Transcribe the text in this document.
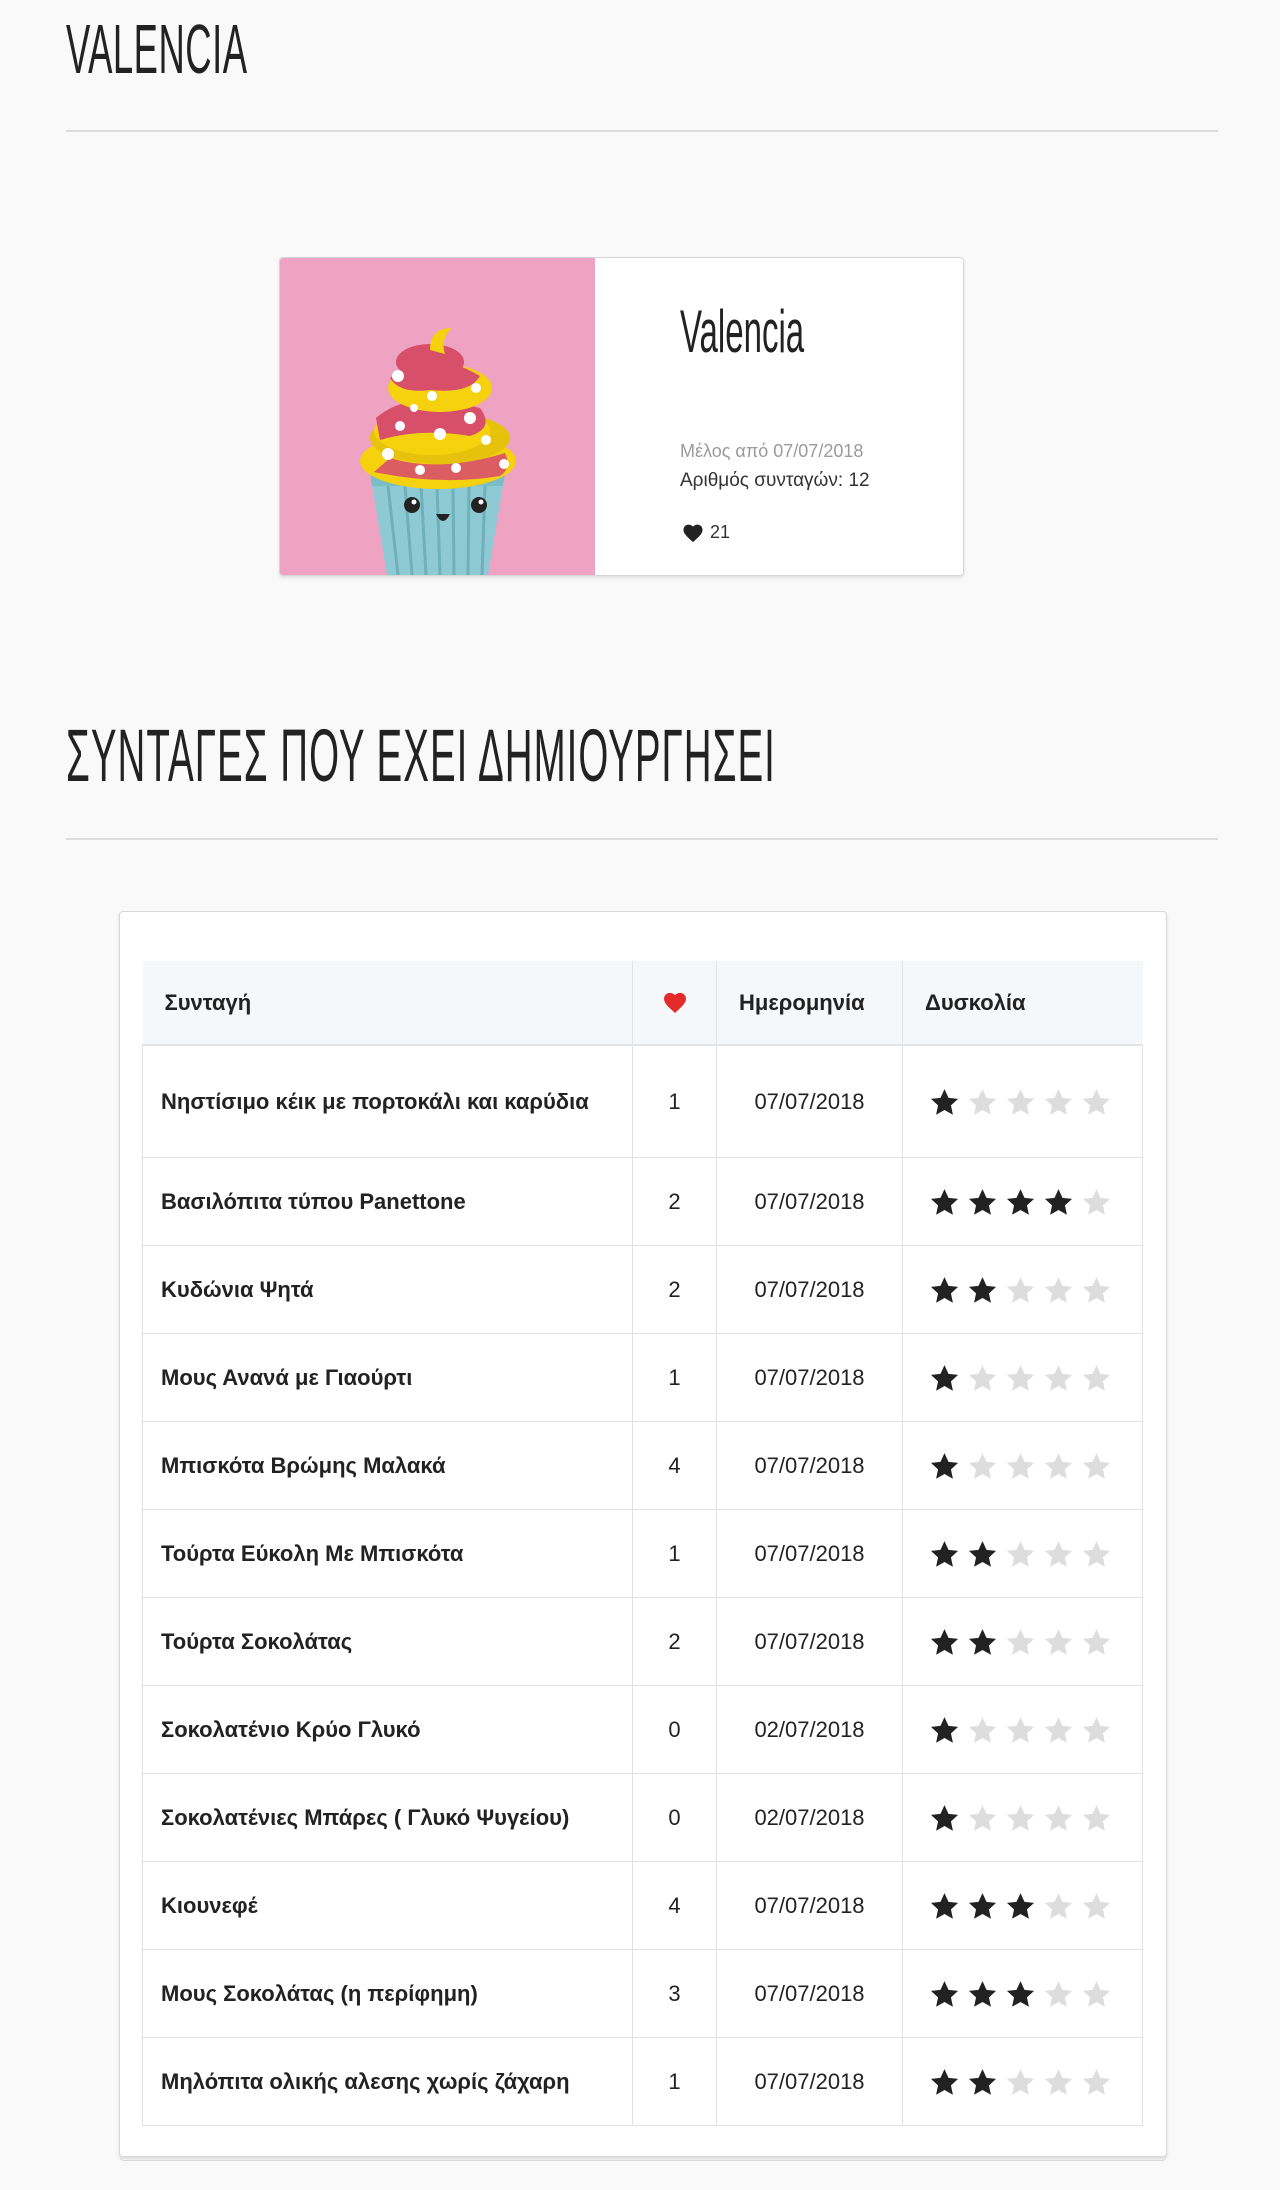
VALENCIA
Valencia
Μέλος από 07/07/2018
Αριθμός συνταγών: 12
21
ΣΥΝΤΑΓΕΣ ΠΟΥ ΕΧΕΙ ΔΗΜΙΟΥΡΓΗΣΕΙ
Συνταγή		Ημερομηνία	Δυσκολία
Νηστίσιμο κέικ με πορτοκάλι και καρύδια	1	07/07/2018	

Βασιλόπιτα τύπου Panettone	2	07/07/2018	

Κυδώνια Ψητά	2	07/07/2018	

Μους Ανανά με Γιαούρτι	1	07/07/2018	

Μπισκότα Βρώμης Μαλακά	4	07/07/2018	

Τούρτα Εύκολη Με Μπισκότα	1	07/07/2018	

Τούρτα Σοκολάτας	2	07/07/2018	

Σοκολατένιο Κρύο Γλυκό	0	02/07/2018	

Σοκολατένιες Μπάρες ( Γλυκό Ψυγείου)	0	02/07/2018	

Κιουνεφέ	4	07/07/2018	

Μους Σοκολάτας (η περίφημη)	3	07/07/2018	

Μηλόπιτα ολικής αλεσης χωρίς ζάχαρη	1	07/07/2018	
